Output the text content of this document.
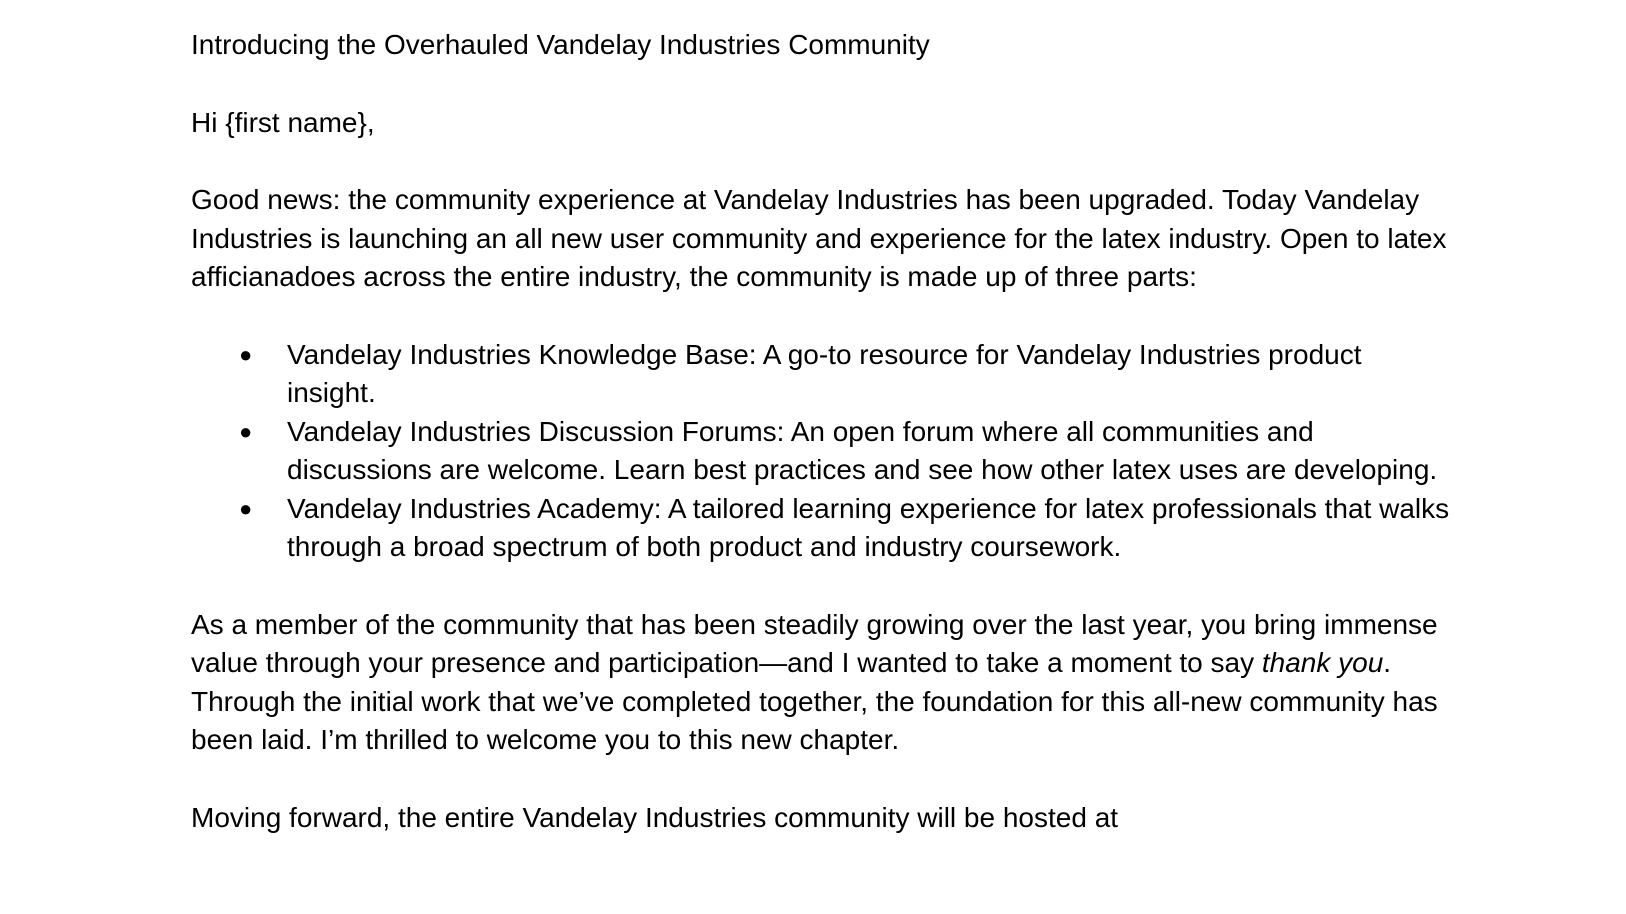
Introducing the Overhauled Vandelay Industries Community

Hi {first name},

Good news: the community experience at Vandelay Industries has been upgraded. Today Vandelay Industries is launching an all new user community and experience for the latex industry. Open to latex afficianadoes across the entire industry, the community is made up of three parts:

● Vandelay Industries Knowledge Base: A go-to resource for Vandelay Industries product insight.
● Vandelay Industries Discussion Forums: An open forum where all communities and discussions are welcome. Learn best practices and see how other latex uses are developing.
● Vandelay Industries Academy: A tailored learning experience for latex professionals that walks through a broad spectrum of both product and industry coursework.

As a member of the community that has been steadily growing over the last year, you bring immense value through your presence and participation—and I wanted to take a moment to say thank you. Through the initial work that we’ve completed together, the foundation for this all-new community has been laid. I’m thrilled to welcome you to this new chapter.

Moving forward, the entire Vandelay Industries community will be hosted at
